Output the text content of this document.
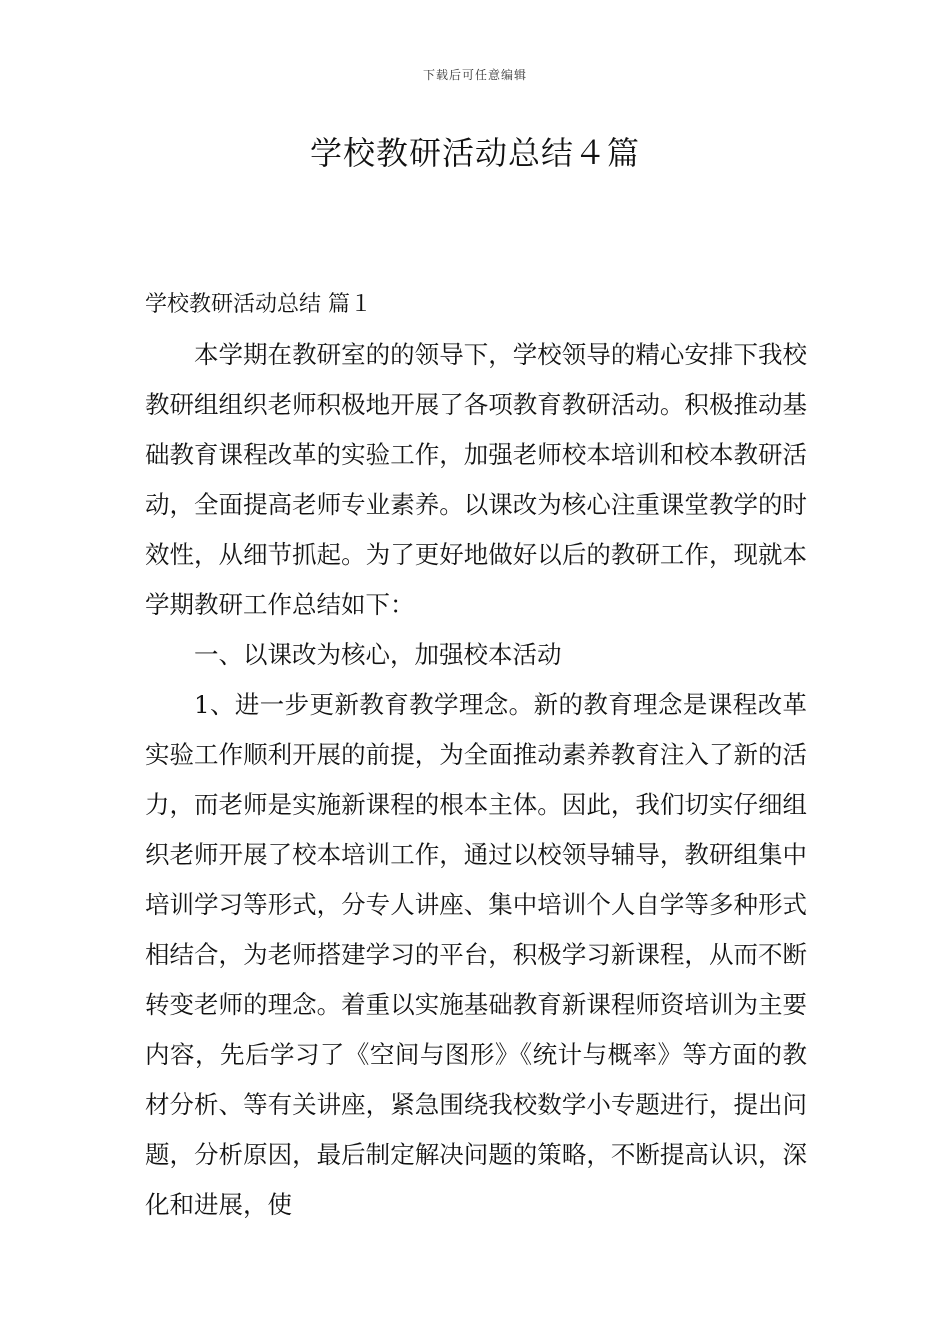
下载后可任意编辑
学校教研活动总结４篇

学校教研活动总结 篇１

本学期在教研室的的领导下，学校领导的精心安排下我校教研组组织老师积极地开展了各项教育教研活动。积极推动基础教育课程改革的实验工作，加强老师校本培训和校本教研活动，全面提高老师专业素养。以课改为核心注重课堂教学的时效性，从细节抓起。为了更好地做好以后的教研工作，现就本学期教研工作总结如下：

一、以课改为核心，加强校本活动

1、进一步更新教育教学理念。新的教育理念是课程改革实验工作顺利开展的前提，为全面推动素养教育注入了新的活力，而老师是实施新课程的根本主体。因此，我们切实仔细组织老师开展了校本培训工作，通过以校领导辅导，教研组集中培训学习等形式，分专人讲座、集中培训个人自学等多种形式相结合，为老师搭建学习的平台，积极学习新课程，从而不断转变老师的理念。着重以实施基础教育新课程师资培训为主要内容，先后学习了《空间与图形》《统计与概率》等方面的教材分析、等有关讲座，紧急围绕我校数学小专题进行，提出问题，分析原因，最后制定解决问题的策略，不断提高认识，深化和进展，使
